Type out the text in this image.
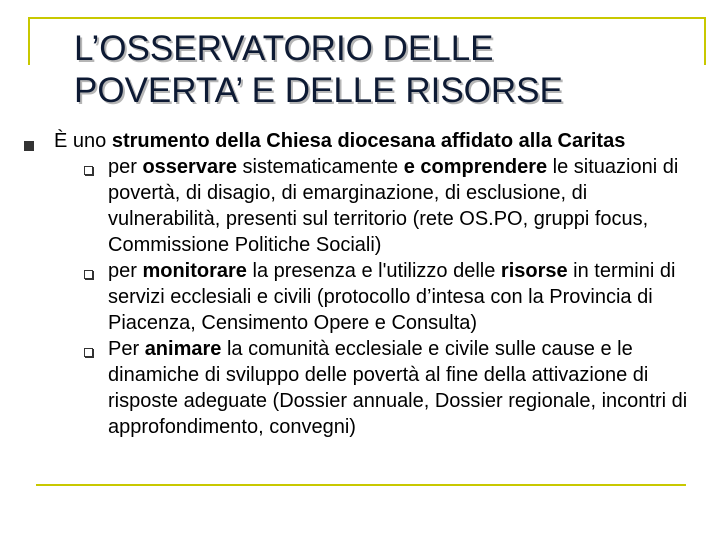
L’OSSERVATORIO DELLE
POVERTA’ E DELLE RISORSE
È uno strumento della Chiesa diocesana affidato alla Caritas
per osservare sistematicamente e comprendere le situazioni di povertà, di disagio, di emarginazione, di esclusione, di vulnerabilità, presenti sul territorio (rete OS.PO, gruppi focus, Commissione Politiche Sociali)
per monitorare la presenza e l'utilizzo delle risorse in termini di servizi ecclesiali e civili (protocollo d’intesa con la Provincia di Piacenza, Censimento Opere e Consulta)
Per animare la comunità ecclesiale e civile sulle cause e le dinamiche di sviluppo delle povertà al fine della attivazione di risposte adeguate (Dossier annuale, Dossier regionale, incontri di approfondimento, convegni)
